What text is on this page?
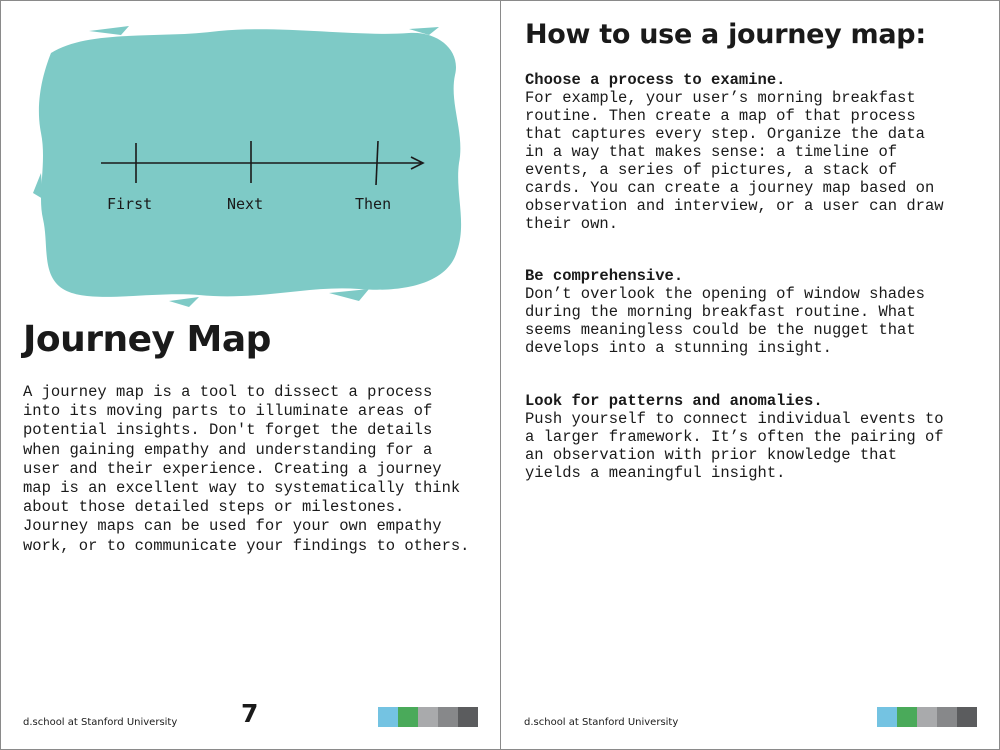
First	Next	Then
Journey Map

A journey map is a tool to dissect a process into its moving parts to illuminate areas of potential insights. Don't forget the details when gaining empathy and understanding for a user and their experience. Creating a journey map is an excellent way to systematically think about those detailed steps or milestones. Journey maps can be used for your own empathy work, or to communicate your findings to others.

d.school at Stanford University	7
How to use a journey map:

Choose a process to examine.

For example, your user’s morning breakfast routine. Then create a map of that process that captures every step. Organize the data in a way that makes sense: a timeline of events, a series of pictures, a stack of cards. You can create a journey map based on observation and interview, or a user can draw their own.

Be comprehensive.

Don’t overlook the opening of window shades during the morning breakfast routine. What seems meaningless could be the nugget that develops into a stunning insight.

Look for patterns and anomalies.

Push yourself to connect individual events to a larger framework. It’s often the pairing of an observation with prior knowledge that yields a meaningful insight.

d.school at Stanford University
